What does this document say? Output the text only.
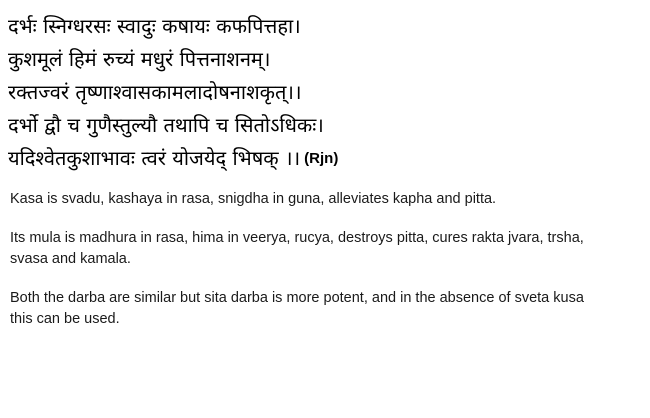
दर्भः स्निग्धरसः स्वादुः कषायः कफपित्तहा।
कुशमूलं हिमं रुच्यं मधुरं पित्तनाशनम्।
रक्तज्वरं तृष्णाश्वासकामलादोषनाशकृत्।।
दर्भो द्वौ च गुणैस्तुल्यौ तथापि च सितोऽधिकः।
यदिश्वेतकुशाभावः त्वरं योजयेद् भिषक् ।। (Rjn)

Kasa is svadu, kashaya in rasa, snigdha in guna, alleviates kapha and pitta.

Its mula is madhura in rasa, hima in veerya, rucya, destroys pitta, cures rakta jvara, trsha, svasa and kamala.

Both the darba are similar but sita darba is more potent, and in the absence of sveta kusa this can be used.
